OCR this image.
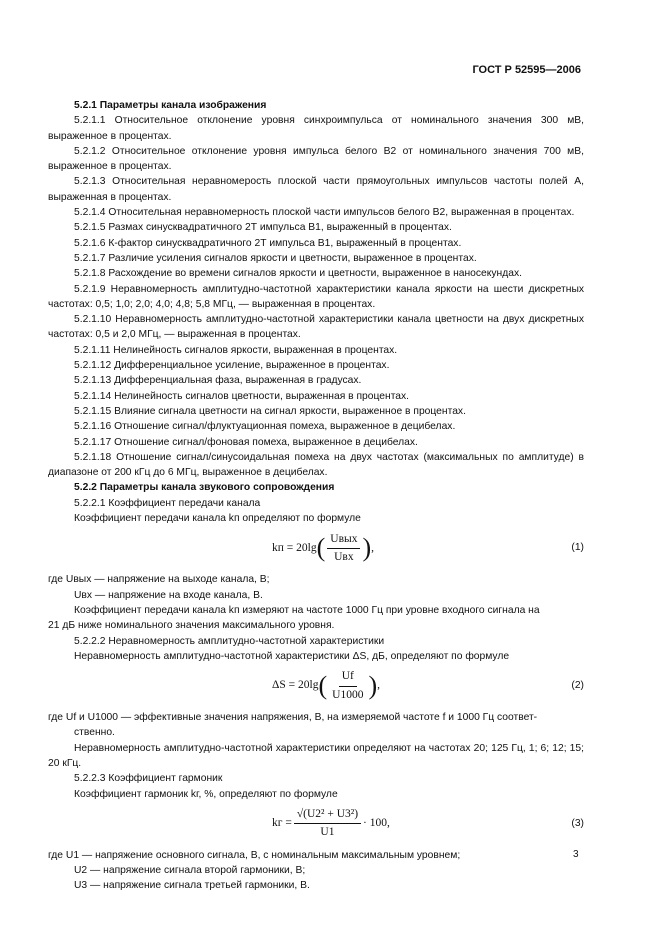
ГОСТ Р 52595—2006
5.2.1 Параметры канала изображения
5.2.1.1 Относительное отклонение уровня синхроимпульса от номинального значения 300 мВ, выраженное в процентах.
5.2.1.2 Относительное отклонение уровня импульса белого В2 от номинального значения 700 мВ, выраженное в процентах.
5.2.1.3 Относительная неравномерость плоской части прямоугольных импульсов частоты полей А, выраженная в процентах.
5.2.1.4 Относительная неравномерность плоской части импульсов белого В2, выраженная в процентах.
5.2.1.5 Размах синусквадратичного 2Т импульса В1, выраженный в процентах.
5.2.1.6 К-фактор синусквадратичного 2Т импульса В1, выраженный в процентах.
5.2.1.7 Различие усиления сигналов яркости и цветности, выраженное в процентах.
5.2.1.8 Расхождение во времени сигналов яркости и цветности, выраженное в наносекундах.
5.2.1.9 Неравномерность амплитудно-частотной характеристики канала яркости на шести дискретных частотах: 0,5; 1,0; 2,0; 4,0; 4,8; 5,8 МГц, — выраженная в процентах.
5.2.1.10 Неравномерность амплитудно-частотной характеристики канала цветности на двух дискретных частотах: 0,5 и 2,0 МГц, — выраженная в процентах.
5.2.1.11 Нелинейность сигналов яркости, выраженная в процентах.
5.2.1.12 Дифференциальное усиление, выраженное в процентах.
5.2.1.13 Дифференциальная фаза, выраженная в градусах.
5.2.1.14 Нелинейность сигналов цветности, выраженная в процентах.
5.2.1.15 Влияние сигнала цветности на сигнал яркости, выраженное в процентах.
5.2.1.16 Отношение сигнал/флуктуационная помеха, выраженное в децибелах.
5.2.1.17 Отношение сигнал/фоновая помеха, выраженное в децибелах.
5.2.1.18 Отношение сигнал/синусоидальная помеха на двух частотах (максимальных по амплитуде) в диапазоне от 200 кГц до 6 МГц, выраженное в децибелах.
5.2.2 Параметры канала звукового сопровождения
5.2.2.1 Коэффициент передачи канала
Коэффициент передачи канала kп определяют по формуле
kп = 20lg ( $\frac{\text{Uвых}}{\text{Uвх}}$ ) ,	(1)
где Uвых — напряжение на выходе канала, В;
Uвх — напряжение на входе канала, В.
Коэффициент передачи канала kп измеряют на частоте 1000 Гц при уровне входного сигнала на
21 дБ ниже номинального значения максимального уровня.
5.2.2.2 Неравномерность амплитудно-частотной характеристики
Неравномерность амплитудно-частотной характеристики ΔS, дБ, определяют по формуле
ΔS = 20lg ( $\frac{Uf}{U1000}$ ) ,	(2)
где Uf и U1000 — эффективные значения напряжения, В, на измеряемой частоте f и 1000 Гц соответ-
ственно.
Неравномерность амплитудно-частотной характеристики определяют на частотах 20; 125 Гц, 1; 6; 12; 15; 20 кГц.
5.2.2.3 Коэффициент гармоник
Коэффициент гармоник kг, %, определяют по формуле
kг = $\frac{\text{√(U2² + U3²)}}{U1} \cdot 100$,	(3)
где U1 — напряжение основного сигнала, В, с номинальным максимальным уровнем;
U2 — напряжение сигнала второй гармоники, В;
U3 — напряжение сигнала третьей гармоники, В.
3
